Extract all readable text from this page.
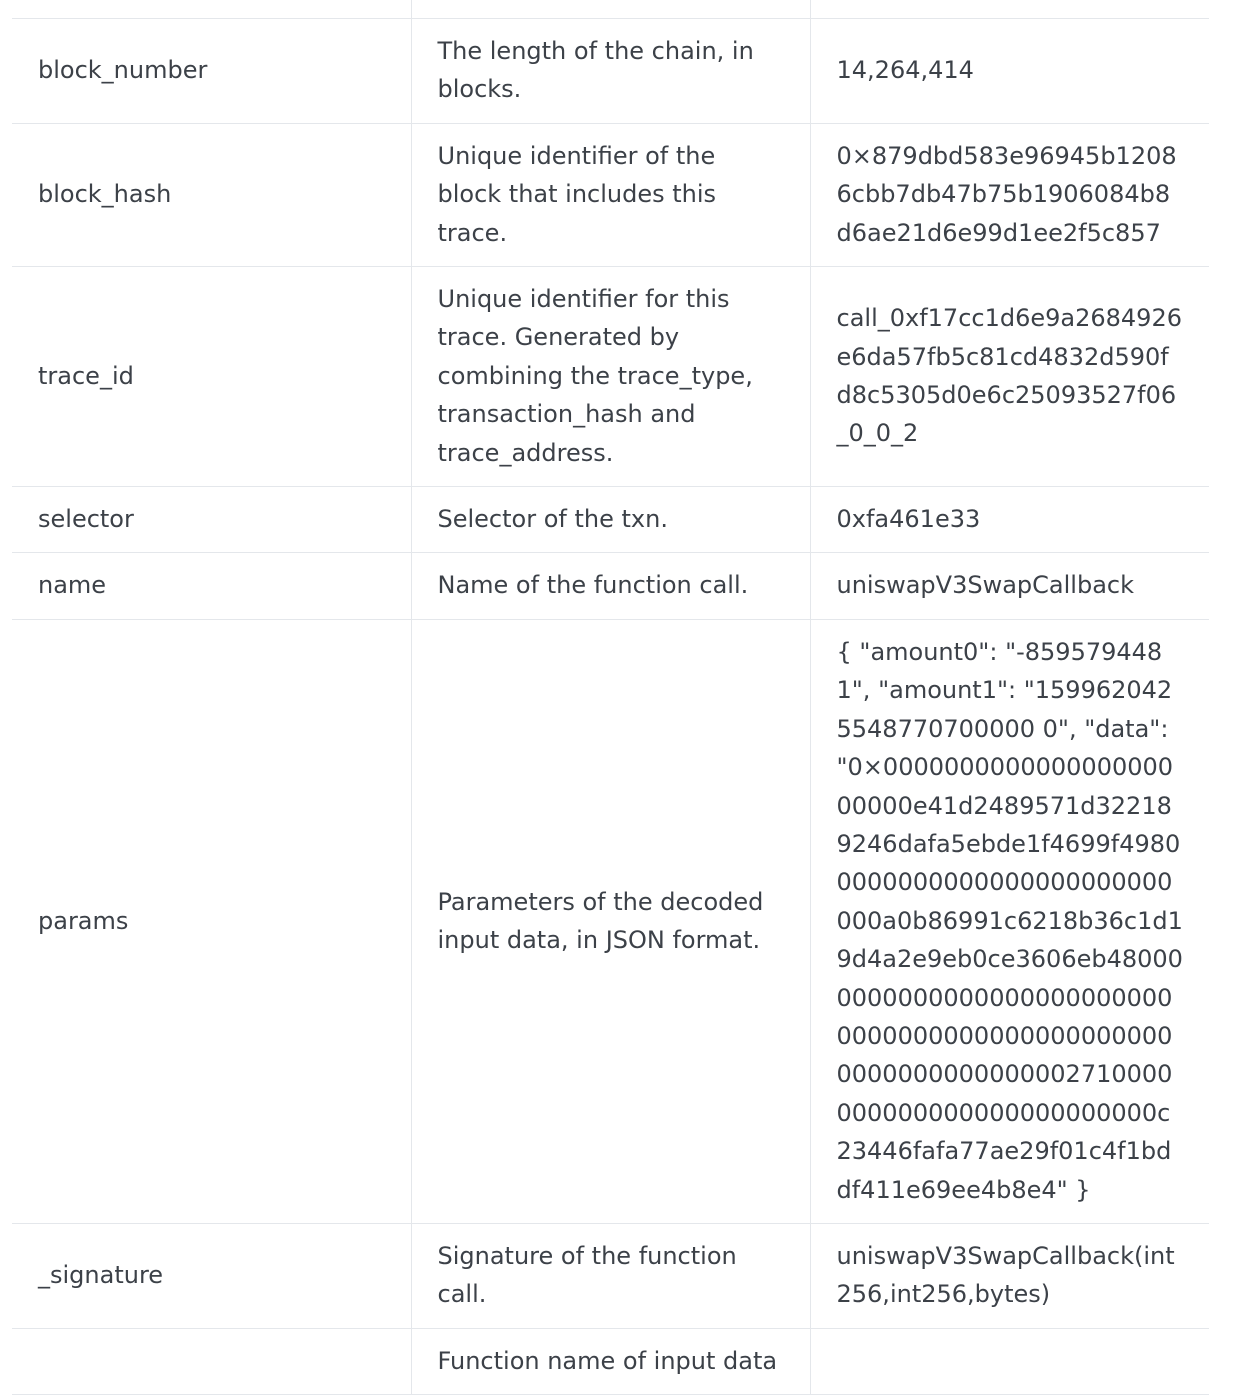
block_number	The length of the chain, in blocks.	14,264,414
block_hash	Unique identifier of the block that includes this trace.	0×879dbd583e96945b12086cbb7db47b75b1906084b8d6ae21d6e99d1ee2f5c857
trace_id	Unique identifier for this trace. Generated by combining the trace_type, transaction_hash and trace_address.	call_0xf17cc1d6e9a2684926e6da57fb5c81cd4832d590fd8c5305d0e6c25093527f06_0_0_2
selector	Selector of the txn.	0xfa461e33
name	Name of the function call.	uniswapV3SwapCallback
params	Parameters of the decoded input data, in JSON format.	{ "amount0": "-8595794481", "amount1": "1599620425548770700000 0", "data": "0×000000000000000000000000e41d2489571d322189246dafa5ebde1f4699f49800000000000000000000000000a0b86991c6218b36c1d19d4a2e9eb0ce3606eb48000000000000000000000000000000000000000000000000000000000000002710000000000000000000000000c23446fafa77ae29f01c4f1bddf411e69ee4b8e4" }
_signature	Signature of the function call.	uniswapV3SwapCallback(int256,int256,bytes)
	Function name of input data	
